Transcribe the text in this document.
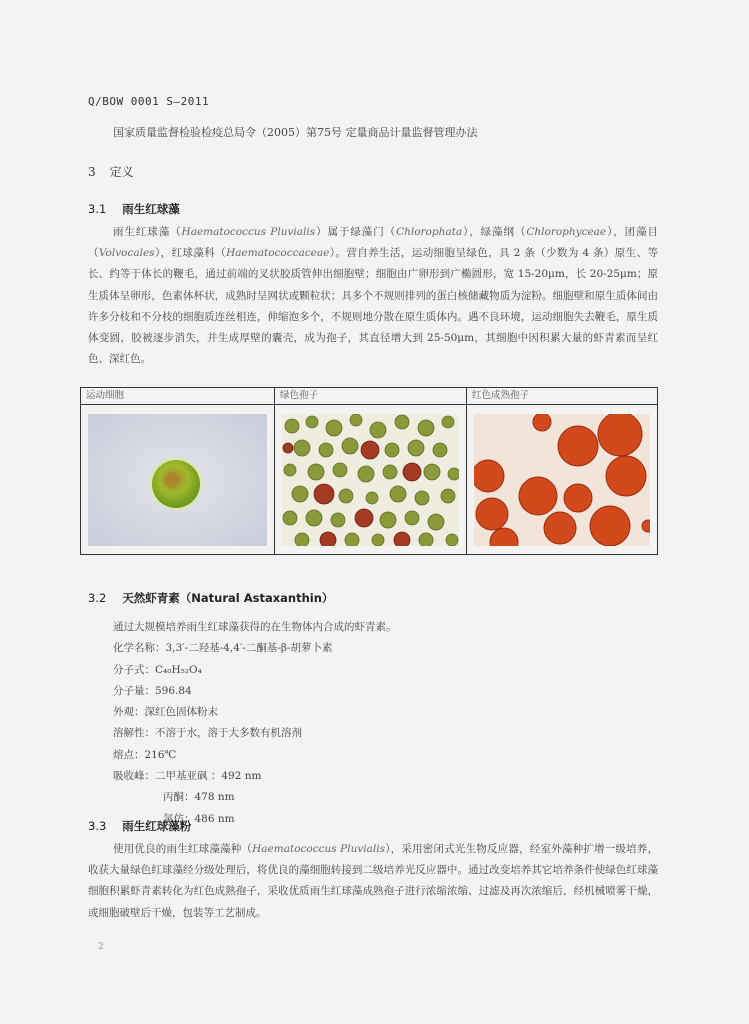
Q/BOW 0001 S—2011
国家质量监督检验检疫总局令（2005）第75号 定量商品计量监督管理办法
3 定义
3.1 雨生红球藻
雨生红球藻（Haematococcus Pluvialis）属于绿藻门（Chlorophata），绿藻纲（Chlorophyceae），团藻目（Volvocales），红球藻科（Haematococcaceae）。营自养生活，运动细胞呈绿色，具 2 条（少数为 4 条）原生、等长、约等于体长的鞭毛，通过前端的叉状胶质管伸出细胞壁；细胞由广卵形到广椭圆形，宽 15-20μm，长 20-25μm；原生质体呈卵形，色素体杯状，成熟时呈网状或颗粒状；具多个不规则排列的蛋白核储藏物质为淀粉。细胞壁和原生质体间由许多分枝和不分枝的细胞质连丝相连，伸缩泡多个，不规则地分散在原生质体内。遇不良环境，运动细胞失去鞭毛，原生质体变圆，胶被逐步消失，并生成厚壁的囊壳，成为孢子，其直径增大到 25-50μm，其细胞中因积累大量的虾青素而呈红色、深红色。
运动细胞	绿色孢子	红色成熟孢子
3.2 天然虾青素（Natural Astaxanthin）
通过大规模培养雨生红球藻获得的在生物体内合成的虾青素。
化学名称：3,3′-二羟基-4,4′-二酮基-β-胡萝卜素
分子式：C₄₀H₅₂O₄
分子量：596.84
外观：深红色固体粉末
溶解性：不溶于水，溶于大多数有机溶剂
熔点：216℃
吸收峰：二甲基亚砜 ：492 nm
丙酮：478 nm
氯仿：486 nm
3.3 雨生红球藻粉
使用优良的雨生红球藻藻种（Haematococcus Pluvialis），采用密闭式光生物反应器，经室外藻种扩增一级培养，收获大量绿色红球藻经分级处理后，将优良的藻细胞转接到二级培养光反应器中。通过改变培养其它培养条件使绿色红球藻细胞积累虾青素转化为红色成熟孢子，采收优质雨生红球藻成熟孢子进行浓缩浓缩、过滤及再次浓缩后，经机械喷雾干燥，或细胞破壁后干燥，包装等工艺制成。
2
